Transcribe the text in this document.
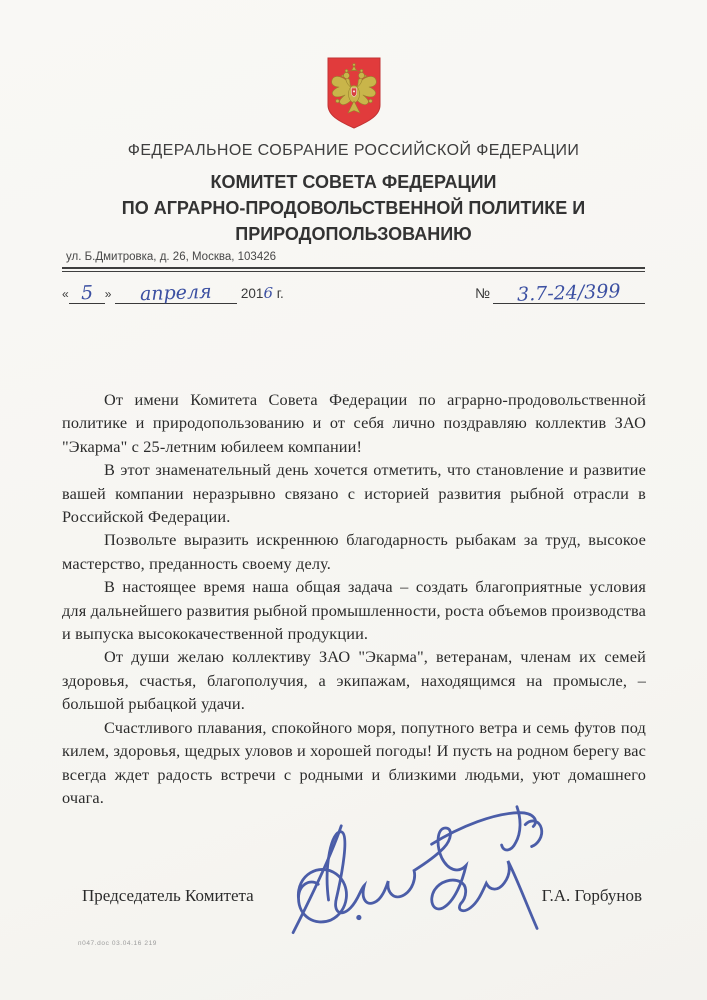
ФЕДЕРАЛЬНОЕ СОБРАНИЕ РОССИЙСКОЙ ФЕДЕРАЦИИ
КОМИТЕТ СОВЕТА ФЕДЕРАЦИИ
ПО АГРАРНО-ПРОДОВОЛЬСТВЕННОЙ ПОЛИТИКЕ И
ПРИРОДОПОЛЬЗОВАНИЮ
ул. Б.Дмитровка, д. 26, Москва, 103426
« 5 » апреля 2016 г.	№ 3.7-24/399

От имени Комитета Совета Федерации по аграрно-продовольственной политике и природопользованию и от себя лично поздравляю коллектив ЗАО "Экарма" с 25-летним юбилеем компании!

В этот знаменательный день хочется отметить, что становление и развитие вашей компании неразрывно связано с историей развития рыбной отрасли в Российской Федерации.

Позвольте выразить искреннюю благодарность рыбакам за труд, высокое мастерство, преданность своему делу.

В настоящее время наша общая задача – создать благоприятные условия для дальнейшего развития рыбной промышленности, роста объемов производства и выпуска высококачественной продукции.

От души желаю коллективу ЗАО "Экарма", ветеранам, членам их семей здоровья, счастья, благополучия, а экипажам, находящимся на промысле, – большой рыбацкой удачи.

Счастливого плавания, спокойного моря, попутного ветра и семь футов под килем, здоровья, щедрых уловов и хорошей погоды! И пусть на родном берегу вас всегда ждет радость встречи с родными и близкими людьми, уют домашнего очага.

Председатель Комитета	Г.А. Горбунов
п047.doc 03.04.16 219
